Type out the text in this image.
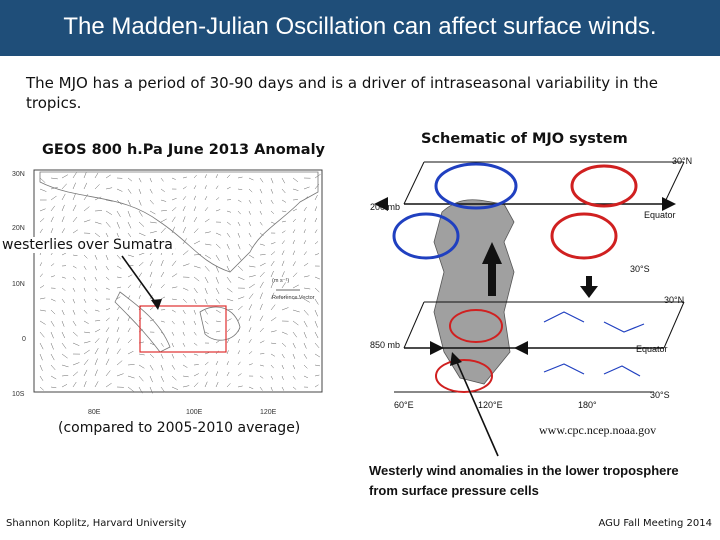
The Madden-Julian Oscillation can affect surface winds.
The MJO has a period of 30-90 days and is a driver of intraseasonal variability in the tropics.
GEOS 800 h.Pa June 2013 Anomaly
30N
20N
10N
0
10S
80E	100E	120E
(m s⁻¹)
Reference Vector
westerlies over Sumatra
(compared to 2005-2010 average)
Schematic of MJO system
200 mb
850 mb
30°N
Equator
30°S
30°N
Equator
30°S
60°E	120°E	180°
www.cpc.ncep.noaa.gov
Westerly wind anomalies in the lower troposphere from surface pressure cells
Shannon Koplitz, Harvard University	AGU Fall Meeting 2014
